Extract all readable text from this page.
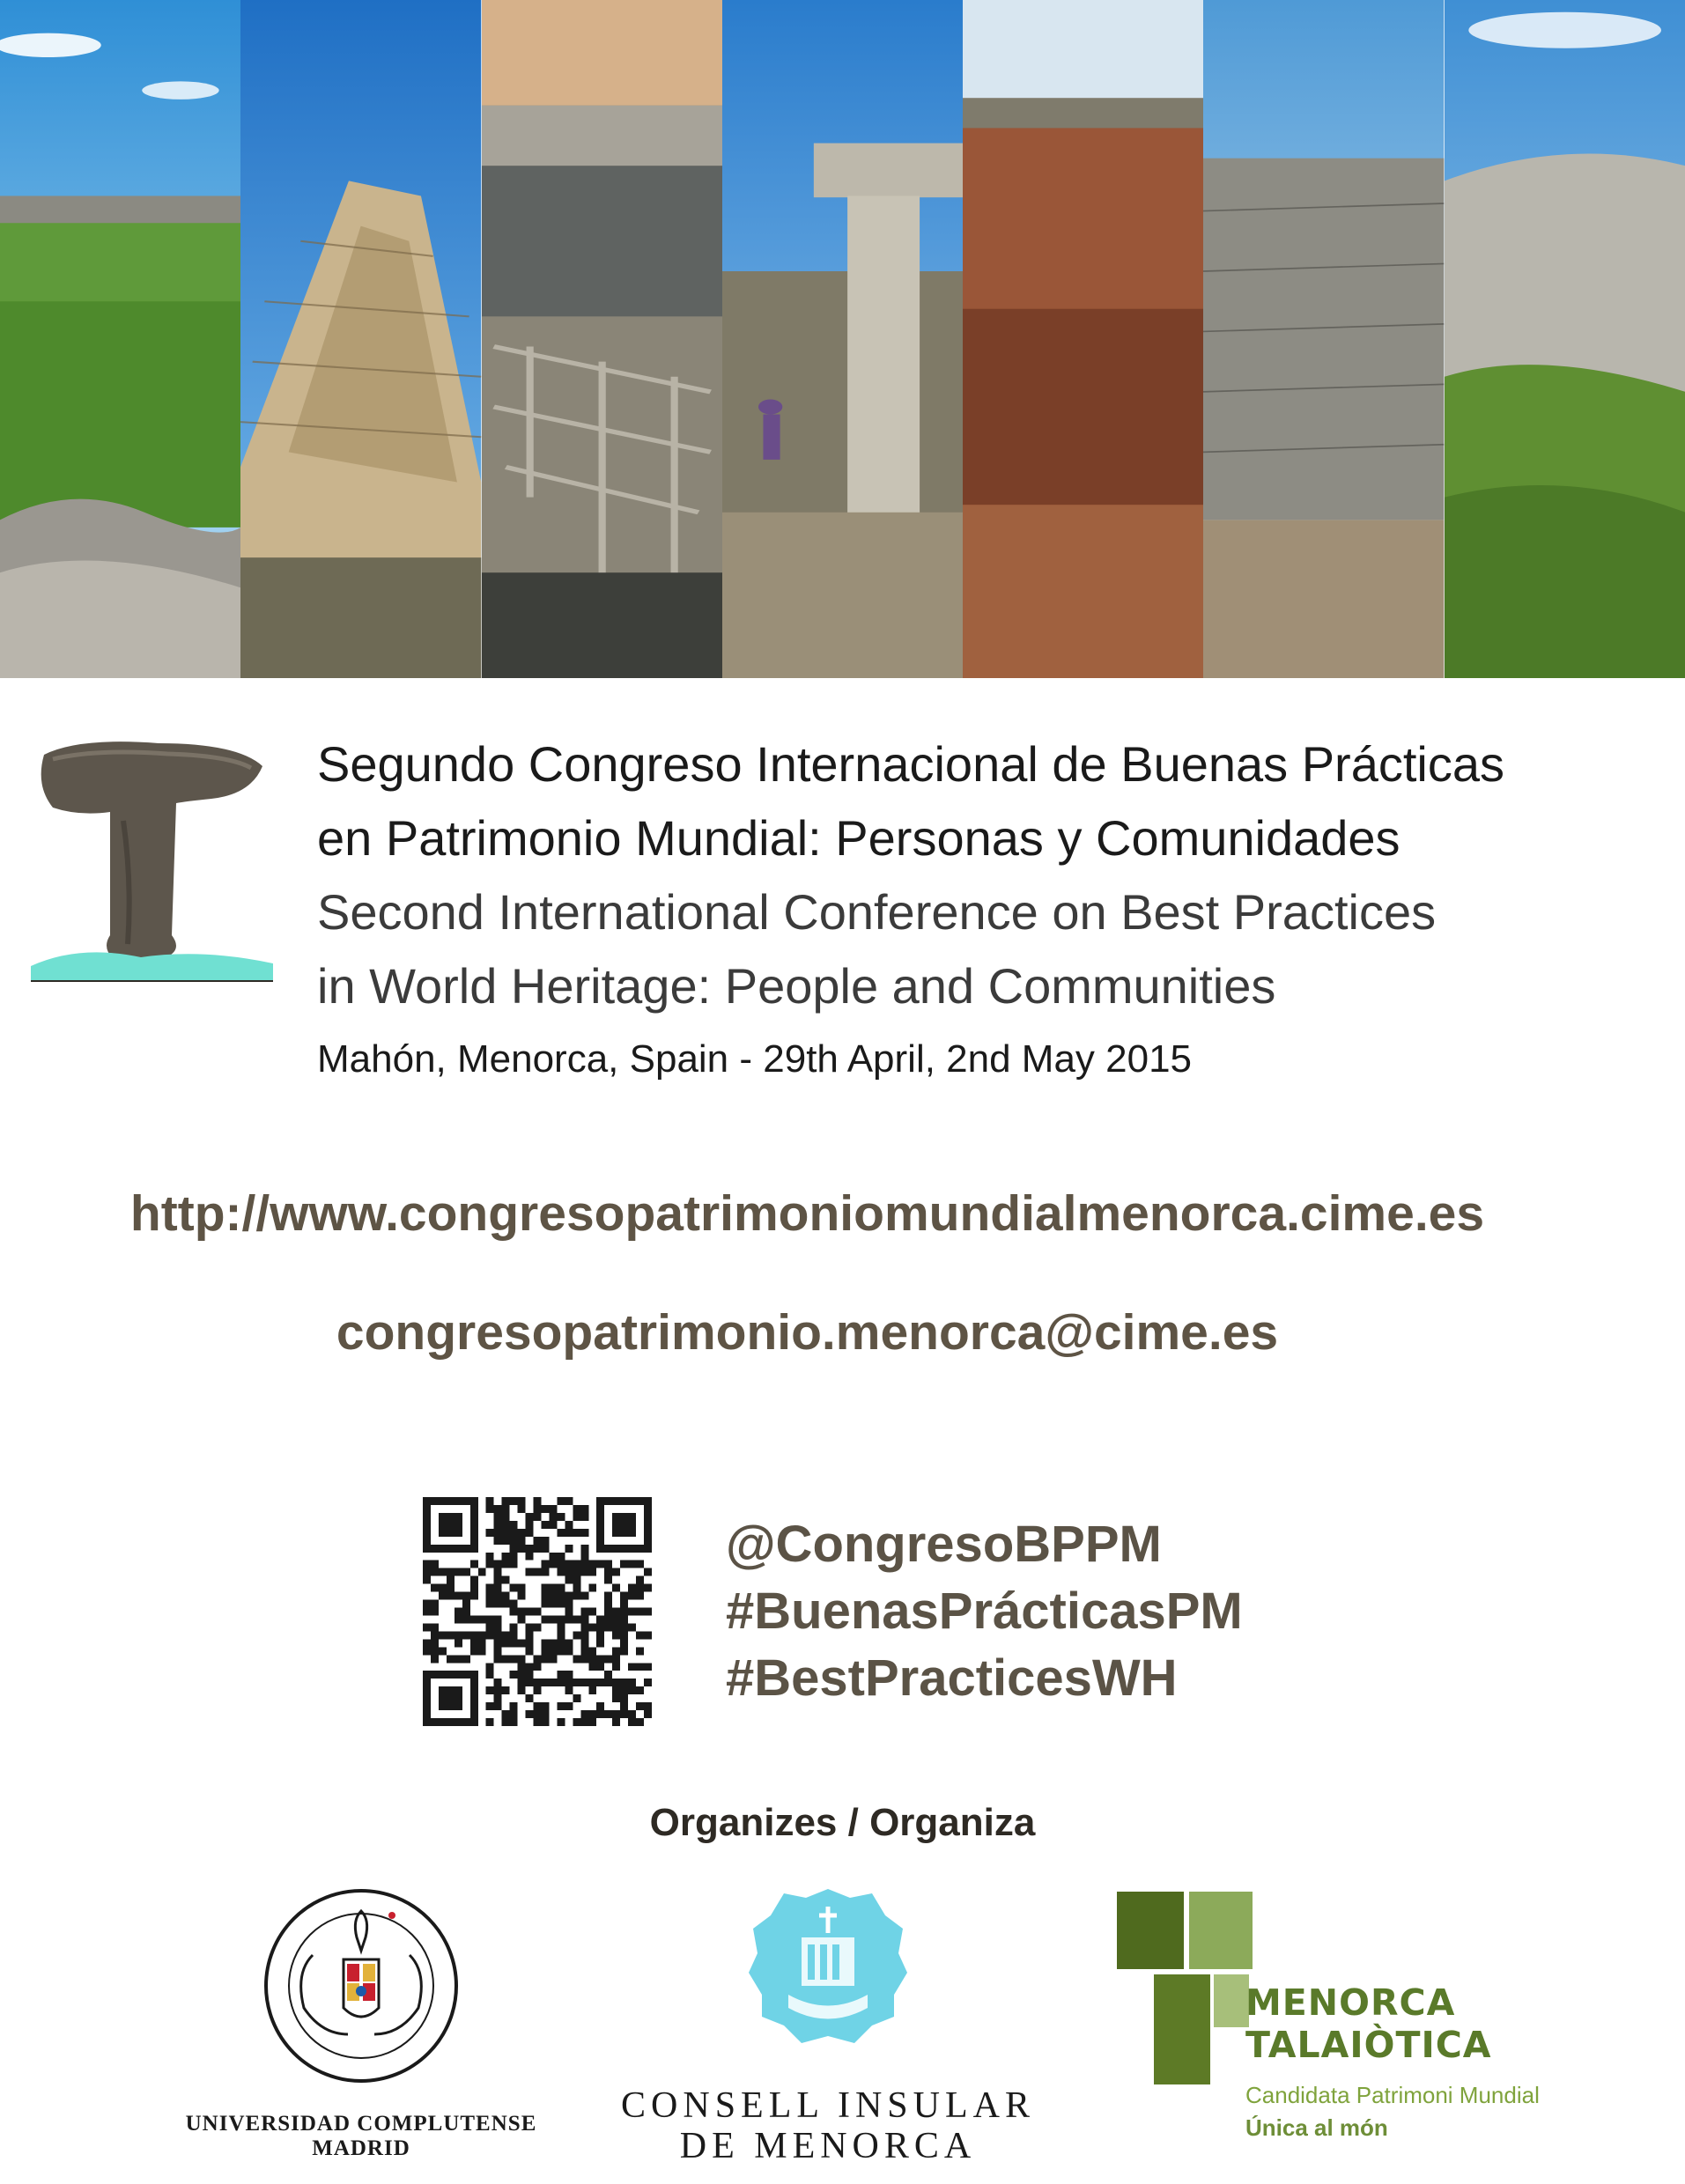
Segundo Congreso Internacional de Buenas Prácticas
en Patrimonio Mundial: Personas y Comunidades
Second International Conference on Best Practices
in World Heritage: People and Communities
Mahón, Menorca, Spain - 29th April, 2nd May 2015
http://www.congresopatrimoniomundialmenorca.cime.es
congresopatrimonio.menorca@cime.es
@CongresoBPPM
#BuenasPrácticasPM
#BestPracticesWH
Organizes / Organiza
UNIVERSIDAD COMPLUTENSE
MADRID
CONSELL INSULAR
DE MENORCA
MENORCA
TALAIÒTICA
Candidata Patrimoni Mundial
Única al món
